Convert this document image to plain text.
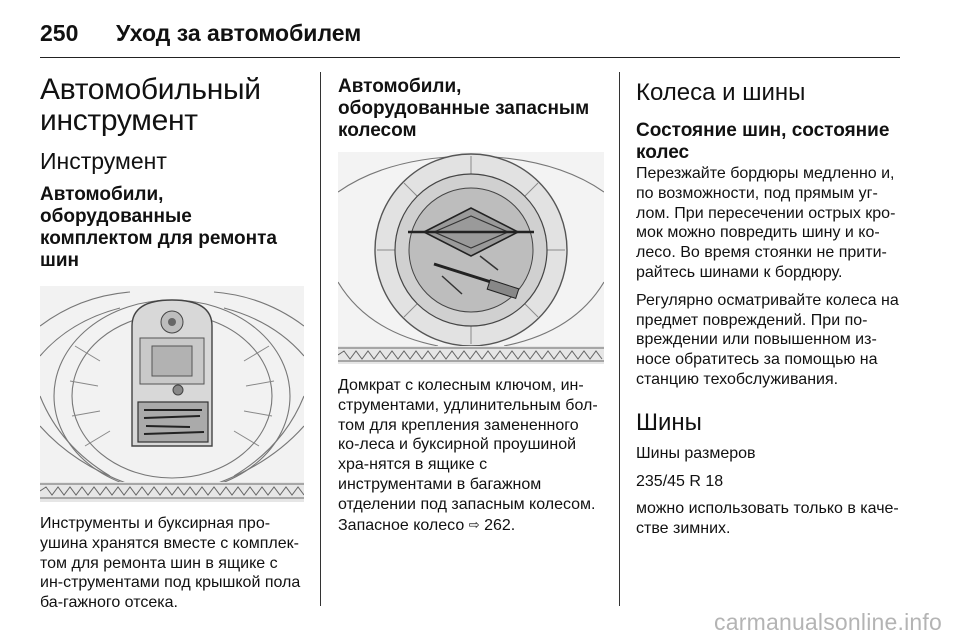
250	Уход за автомобилем
Автомобильный инструмент
Инструмент
Автомобили, оборудованные комплектом для ремонта шин

Инструменты и буксирная про-ушина хранятся вместе с комплек-том для ремонта шин в ящике с ин-струментами под крышкой пола ба-гажного отсека.

Автомобили, оборудованные запасным колесом

Домкрат с колесным ключом, ин-струментами, удлинительным бол-том для крепления замененного ко-леса и буксирной проушиной хра-нятся в ящике с инструментами в багажном отделении под запасным колесом. Запасное колесо ⇨ 262.

Колеса и шины
Состояние шин, состояние колес

Перезжайте бордюры медленно и, по возможности, под прямым уг-лом. При пересечении острых кро-мок можно повредить шину и ко-лесо. Во время стоянки не прити-райтесь шинами к бордюру.

Регулярно осматривайте колеса на предмет повреждений. При по-вреждении или повышенном из-носе обратитесь за помощью на станцию техобслуживания.

Шины

Шины размеров

235/45 R 18

можно использовать только в каче-стве зимних.

carmanualsonline.info
